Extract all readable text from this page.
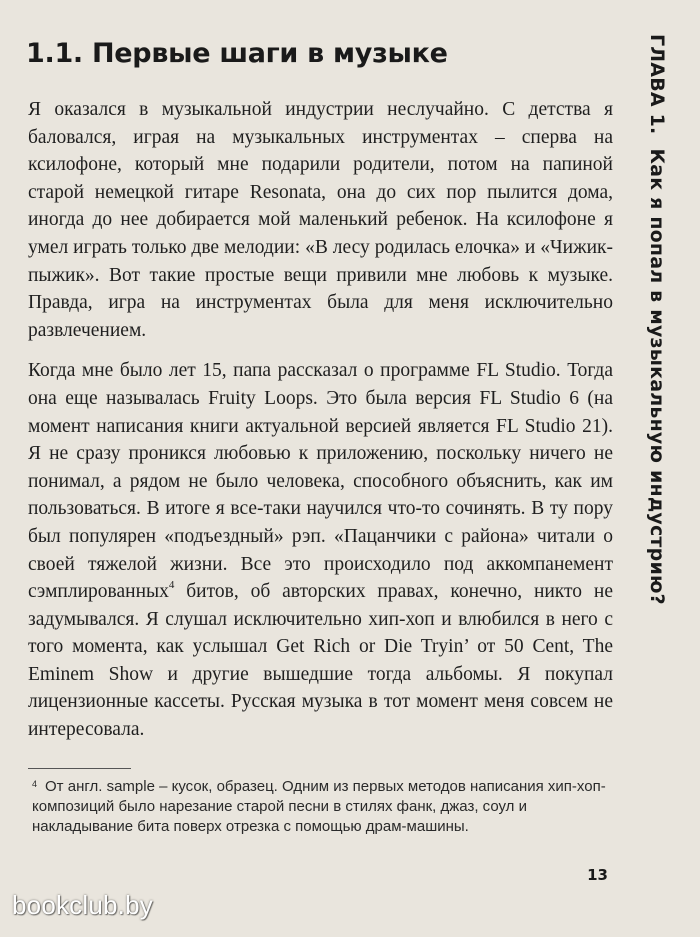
1.1. Первые шаги в музыке	ГЛАВА 1.Как я попал в музыкальную индустрию?

Я оказался в музыкальной индустрии неслучайно. С детства я баловался, играя на музыкальных инструментах – сперва на ксилофоне, который мне подарили родители, потом на папиной старой немецкой гитаре Resonata, она до сих пор пылится дома, иногда до нее добирается мой маленький ребенок. На ксилофоне я умел играть только две мелодии: «В лесу родилась елочка» и «Чижик-пыжик». Вот такие простые вещи привили мне любовь к музыке. Правда, игра на инструментах была для меня исключительно развлечением.

Когда мне было лет 15, папа рассказал о программе FL Studio. Тогда она еще называлась Fruity Loops. Это была версия FL Studio 6 (на момент написания книги актуальной версией является FL Studio 21). Я не сразу проникся любовью к приложению, поскольку ничего не понимал, а рядом не было человека, способного объяснить, как им пользоваться. В итоге я все-таки научился что-то сочинять. В ту пору был популярен «подъездный» рэп. «Пацанчики с района» читали о своей тяжелой жизни. Все это происходило под аккомпанемент сэмплированных$^4$ битов, об авторских правах, конечно, никто не задумывался. Я слушал исключительно хип-хоп и влюбился в него с того момента, как услышал Get Rich or Die Tryin’ от 50 Cent, The Eminem Show и другие вышедшие тогда альбомы. Я покупал лицензионные кассеты. Русская музыка в тот момент меня совсем не интересовала.

$^4$ От англ. sample – кусок, образец. Одним из первых методов написания хип-хоп-композиций было нарезание старой песни в стилях фанк, джаз, соул и накладывание бита поверх отрезка с помощью драм-машины.

13
bookclub.by
